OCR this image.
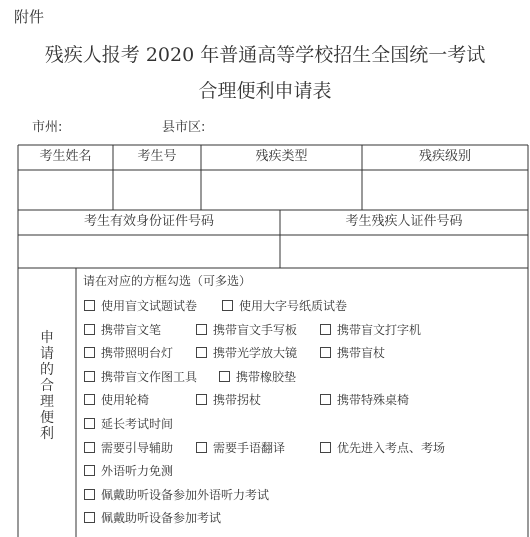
附件
残疾人报考 2020 年普通高等学校招生全国统一考试
合理便利申请表
市州:	县市区:
考生姓名	考生号	残疾类型	残疾级别
考生有效身份证件号码	考生残疾人证件号码
申
请
的
合
理
便
利
请在对应的方框勾选（可多选）
使用盲文试题试卷	使用大字号纸质试卷
携带盲文笔	携带盲文手写板	携带盲文打字机
携带照明台灯	携带光学放大镜	携带盲杖
携带盲文作图工具	携带橡胶垫
使用轮椅	携带拐杖	携带特殊桌椅
延长考试时间
需要引导辅助	需要手语翻译	优先进入考点、考场
外语听力免测
佩戴助听设备参加外语听力考试
佩戴助听设备参加考试
